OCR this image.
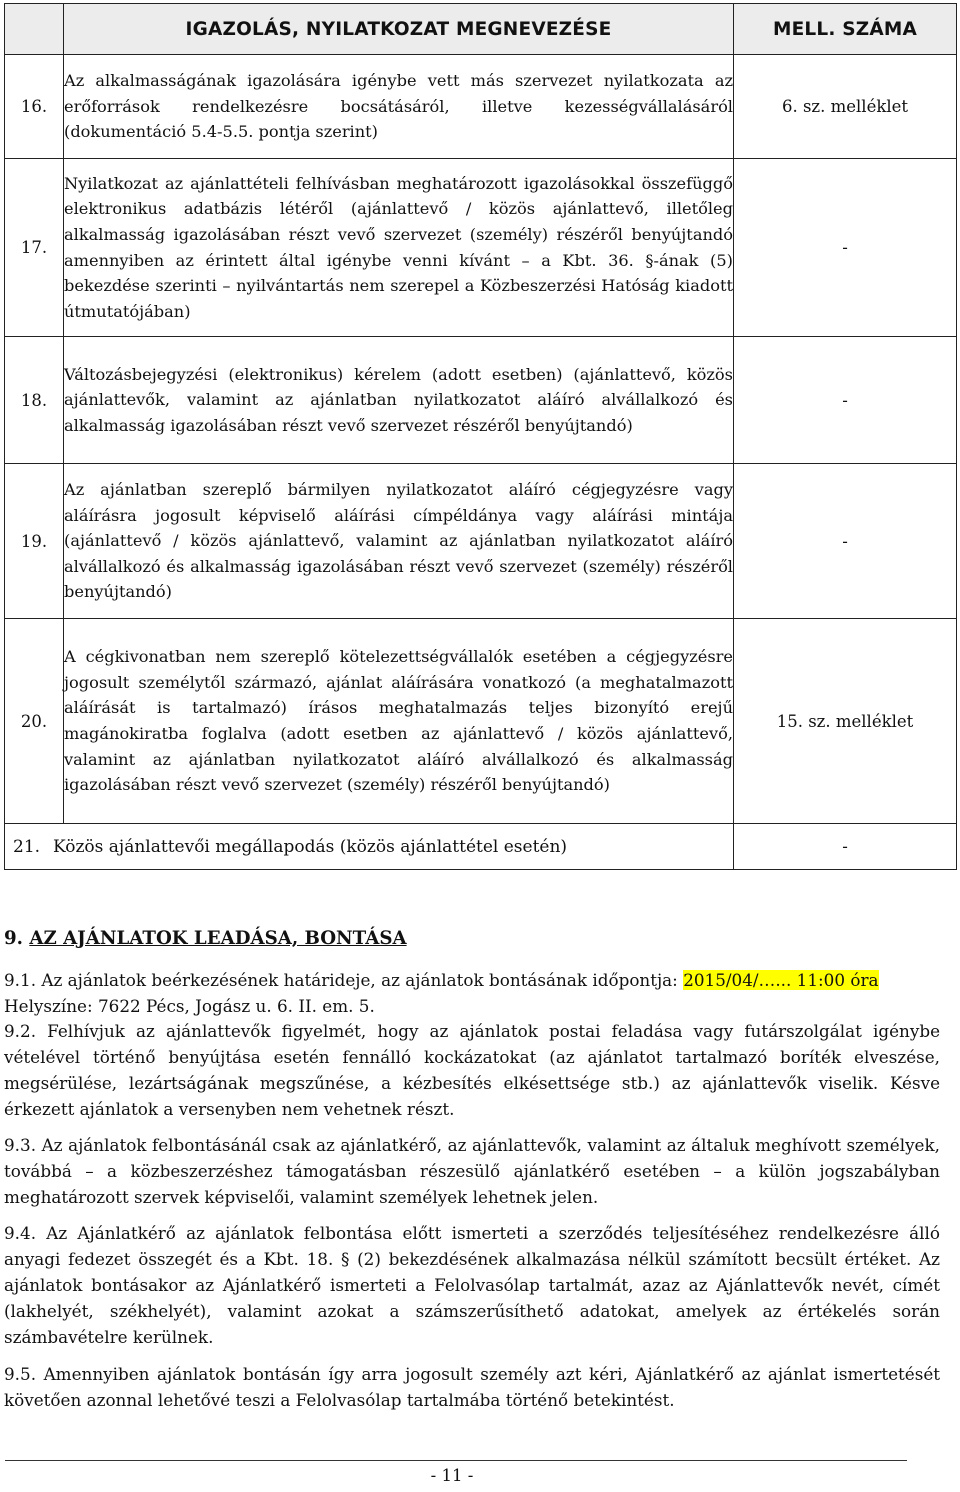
	IGAZOLÁS, NYILATKOZAT MEGNEVEZÉSE	MELL. SZÁMA
16.	Az alkalmasságának igazolására igénybe vett más szervezet nyilatkozata az erőforrások rendelkezésre bocsátásáról, illetve kezességvállalásáról (dokumentáció 5.4-5.5. pontja szerint)	6. sz. melléklet
17.	Nyilatkozat az ajánlattételi felhívásban meghatározott igazolásokkal összefüggő elektronikus adatbázis létéről (ajánlattevő / közös ajánlattevő, illetőleg alkalmasság igazolásában részt vevő szervezet (személy) részéről benyújtandó amennyiben az érintett által igénybe venni kívánt – a Kbt. 36. §-ának (5) bekezdése szerinti – nyilvántartás nem szerepel a Közbeszerzési Hatóság kiadott útmutatójában)	-
18.	Változásbejegyzési (elektronikus) kérelem (adott esetben) (ajánlattevő, közös ajánlattevők, valamint az ajánlatban nyilatkozatot aláíró alvállalkozó és alkalmasság igazolásában részt vevő szervezet részéről benyújtandó)	-
19.	Az ajánlatban szereplő bármilyen nyilatkozatot aláíró cégjegyzésre vagy aláírásra jogosult képviselő aláírási címpéldánya vagy aláírási mintája (ajánlattevő / közös ajánlattevő, valamint az ajánlatban nyilatkozatot aláíró alvállalkozó és alkalmasság igazolásában részt vevő szervezet (személy) részéről benyújtandó)	-
20.	A cégkivonatban nem szereplő kötelezettségvállalók esetében a cégjegyzésre jogosult személytől származó, ajánlat aláírására vonatkozó (a meghatalmazott aláírását is tartalmazó) írásos meghatalmazás teljes bizonyító erejű magánokiratba foglalva (adott esetben az ajánlattevő / közös ajánlattevő, valamint az ajánlatban nyilatkozatot aláíró alvállalkozó és alkalmasság igazolásában részt vevő szervezet (személy) részéről benyújtandó)	15. sz. melléklet
21. Közös ajánlattevői megállapodás (közös ajánlattétel esetén)		-
9. AZ AJÁNLATOK LEADÁSA, BONTÁSA

9.1. Az ajánlatok beérkezésének határideje, az ajánlatok bontásának időpontja: 2015/04/…... 11:00 óra

Helyszíne: 7622 Pécs, Jogász u. 6. II. em. 5.

9.2. Felhívjuk az ajánlattevők figyelmét, hogy az ajánlatok postai feladása vagy futárszolgálat igénybe vételével történő benyújtása esetén fennálló kockázatokat (az ajánlatot tartalmazó boríték elveszése, megsérülése, lezártságának megszűnése, a kézbesítés elkésettsége stb.) az ajánlattevők viselik. Késve érkezett ajánlatok a versenyben nem vehetnek részt.

9.3. Az ajánlatok felbontásánál csak az ajánlatkérő, az ajánlattevők, valamint az általuk meghívott személyek, továbbá – a közbeszerzéshez támogatásban részesülő ajánlatkérő esetében – a külön jogszabályban meghatározott szervek képviselői, valamint személyek lehetnek jelen.

9.4. Az Ajánlatkérő az ajánlatok felbontása előtt ismerteti a szerződés teljesítéséhez rendelkezésre álló anyagi fedezet összegét és a Kbt. 18. § (2) bekezdésének alkalmazása nélkül számított becsült értéket. Az ajánlatok bontásakor az Ajánlatkérő ismerteti a Felolvasólap tartalmát, azaz az Ajánlattevők nevét, címét (lakhelyét, székhelyét), valamint azokat a számszerűsíthető adatokat, amelyek az értékelés során számbavételre kerülnek.

9.5. Amennyiben ajánlatok bontásán így arra jogosult személy azt kéri, Ajánlatkérő az ajánlat ismertetését követően azonnal lehetővé teszi a Felolvasólap tartalmába történő betekintést.

- 11 -
